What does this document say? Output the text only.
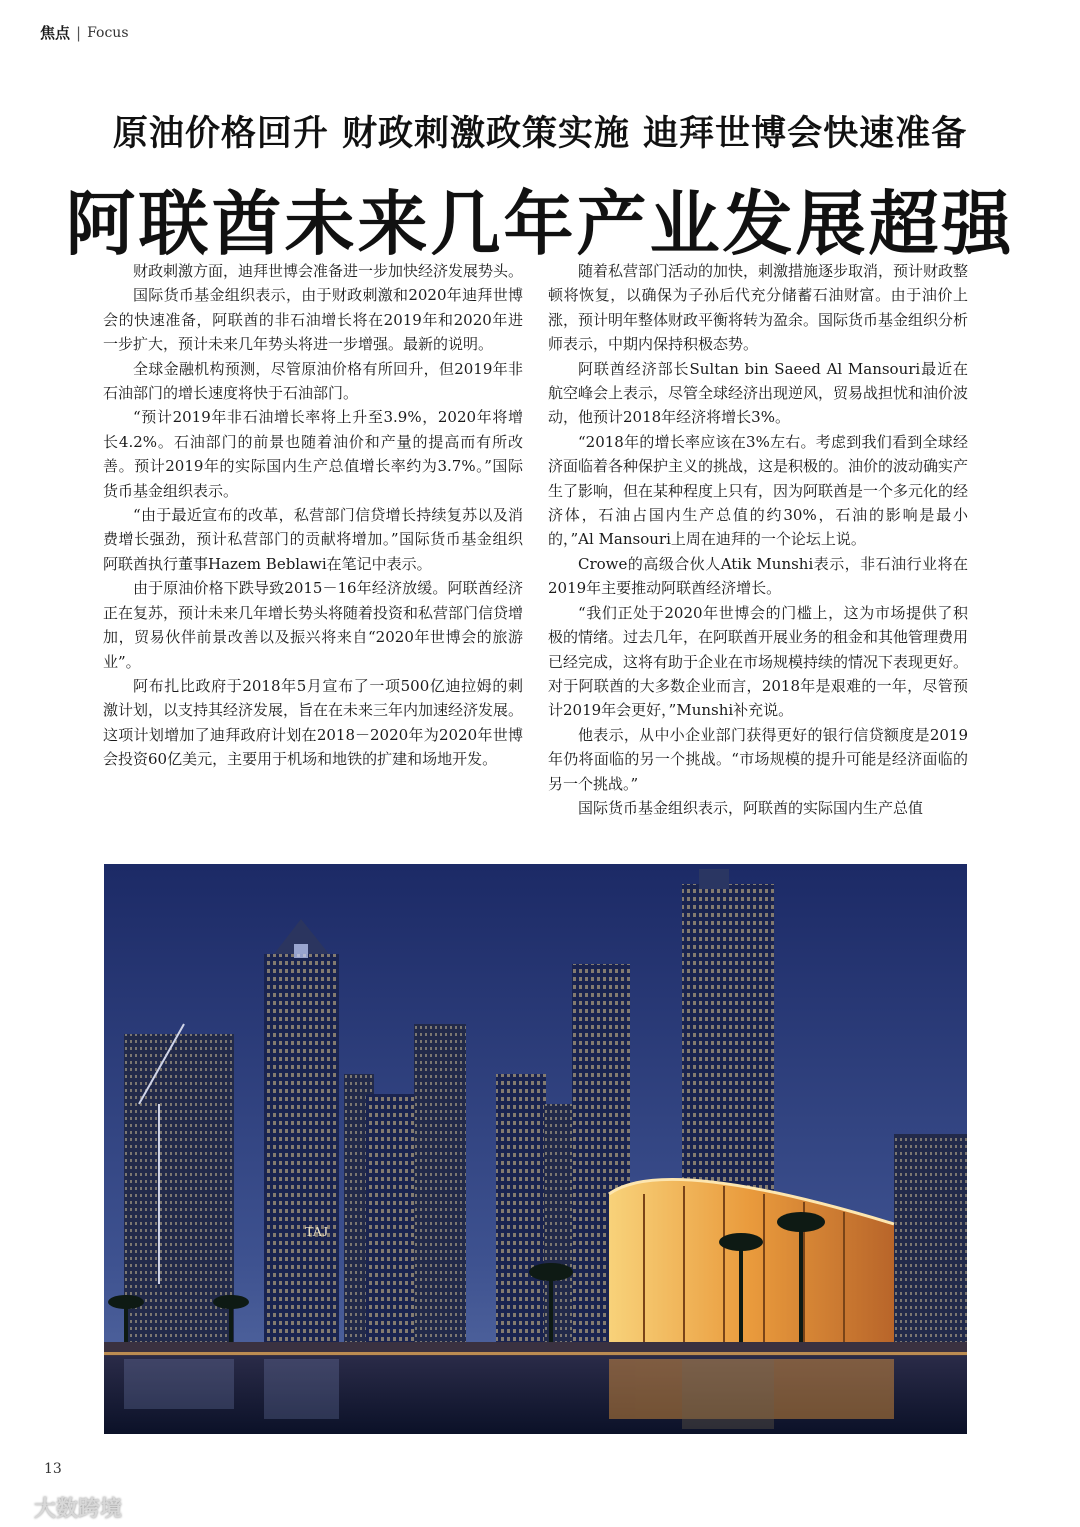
焦点 | Focus
原油价格回升 财政刺激政策实施 迪拜世博会快速准备
阿联酋未来几年产业发展超强

财政刺激方面，迪拜世博会准备进一步加快经济发展势头。

国际货币基金组织表示，由于财政刺激和2020年迪拜世博会的快速准备，阿联酋的非石油增长将在2019年和2020年进一步扩大，预计未来几年势头将进一步增强。最新的说明。

全球金融机构预测，尽管原油价格有所回升，但2019年非石油部门的增长速度将快于石油部门。

“预计2019年非石油增长率将上升至3.9%，2020年将增长4.2%。石油部门的前景也随着油价和产量的提高而有所改善。预计2019年的实际国内生产总值增长率约为3.7%。”国际货币基金组织表示。

“由于最近宣布的改革，私营部门信贷增长持续复苏以及消费增长强劲，预计私营部门的贡献将增加。”国际货币基金组织阿联酋执行董事Hazem Beblawi在笔记中表示。

由于原油价格下跌导致2015－16年经济放缓。阿联酋经济正在复苏，预计未来几年增长势头将随着投资和私营部门信贷增加，贸易伙伴前景改善以及振兴将来自“2020年世博会的旅游业”。

阿布扎比政府于2018年5月宣布了一项500亿迪拉姆的刺激计划，以支持其经济发展，旨在在未来三年内加速经济发展。这项计划增加了迪拜政府计划在2018－2020年为2020年世博会投资60亿美元，主要用于机场和地铁的扩建和场地开发。

随着私营部门活动的加快，刺激措施逐步取消，预计财政整顿将恢复，以确保为子孙后代充分储蓄石油财富。由于油价上涨，预计明年整体财政平衡将转为盈余。国际货币基金组织分析师表示，中期内保持积极态势。

阿联酋经济部长Sultan bin Saeed Al Mansouri最近在航空峰会上表示，尽管全球经济出现逆风，贸易战担忧和油价波动，他预计2018年经济将增长3%。

“2018年的增长率应该在3%左右。考虑到我们看到全球经济面临着各种保护主义的挑战，这是积极的。油价的波动确实产生了影响，但在某种程度上只有，因为阿联酋是一个多元化的经济体，石油占国内生产总值的约30%，石油的影响是最小的，”Al Mansouri上周在迪拜的一个论坛上说。

Crowe的高级合伙人Atik Munshi表示，非石油行业将在2019年主要推动阿联酋经济增长。

“我们正处于2020年世博会的门槛上，这为市场提供了积极的情绪。过去几年，在阿联酋开展业务的租金和其他管理费用已经完成，这将有助于企业在市场规模持续的情况下表现更好。对于阿联酋的大多数企业而言，2018年是艰难的一年，尽管预计2019年会更好，”Munshi补充说。

他表示，从中小企业部门获得更好的银行信贷额度是2019年仍将面临的另一个挑战。“市场规模的提升可能是经济面临的另一个挑战。”

国际货币基金组织表示，阿联酋的实际国内生产总值

TAJ
13
大数跨境
